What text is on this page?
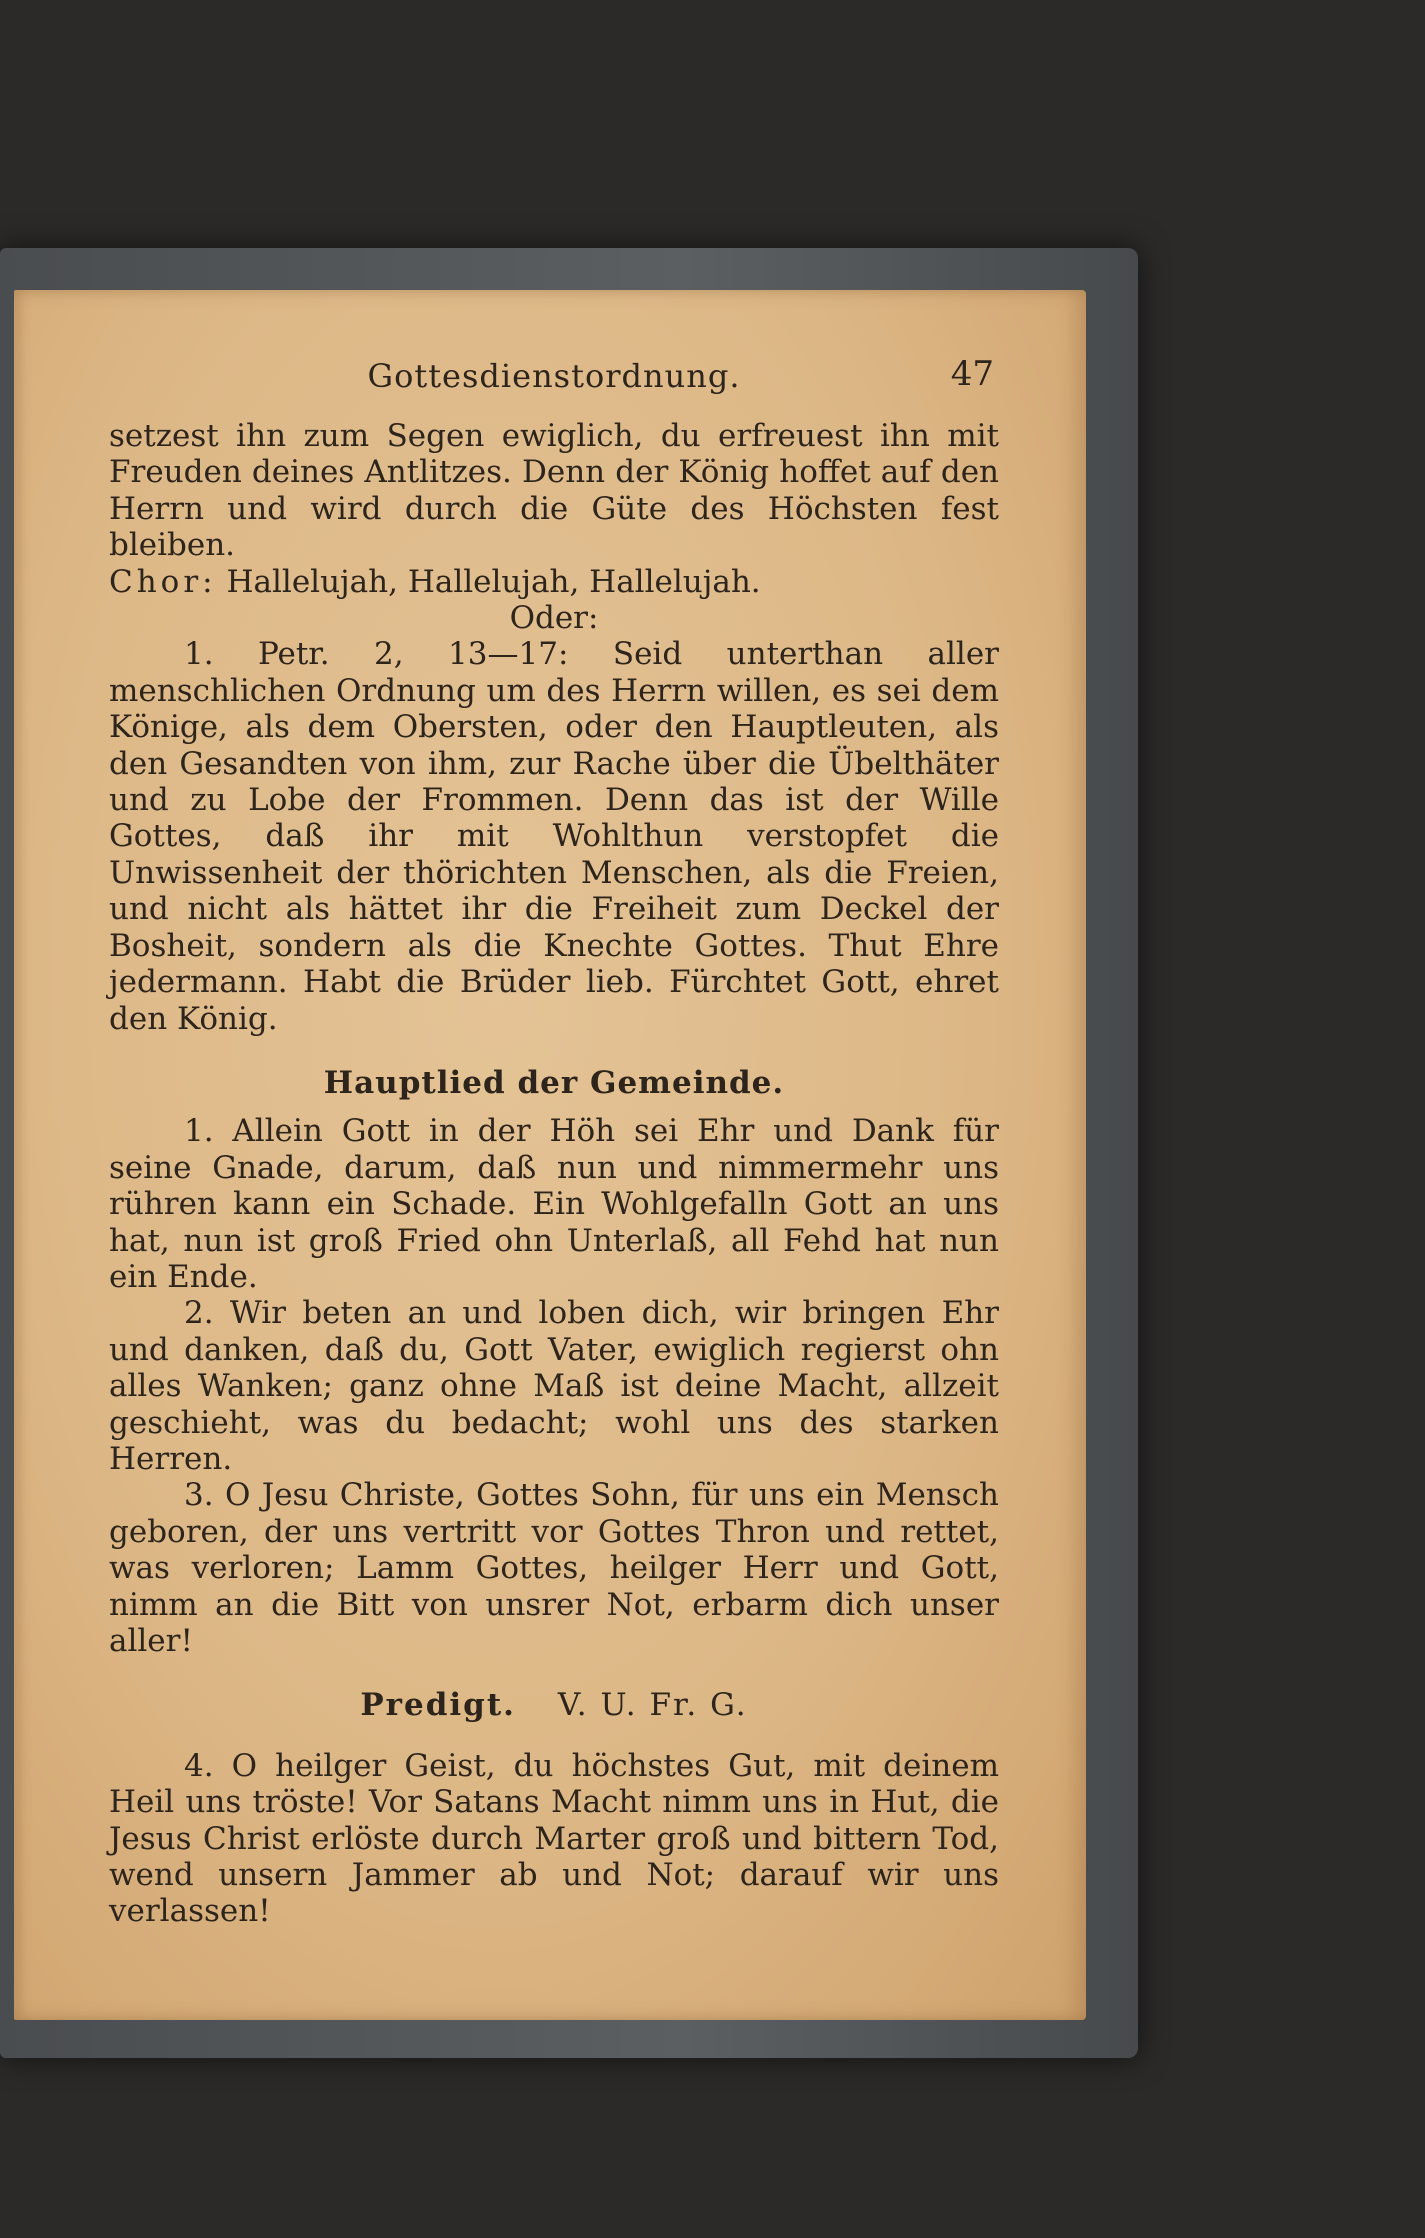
Gottesdienstordnung.	47

setzest ihn zum Segen ewiglich, du erfreuest ihn mit Freuden deines Antlitzes. Denn der König hoffet auf den Herrn und wird durch die Güte des Höchsten fest bleiben.

Chor: Hallelujah, Hallelujah, Hallelujah.

Oder:

1. Petr. 2, 13—17: Seid unterthan aller menschlichen Ordnung um des Herrn willen, es sei dem Könige, als dem Obersten, oder den Hauptleuten, als den Gesandten von ihm, zur Rache über die Übelthäter und zu Lobe der Frommen. Denn das ist der Wille Gottes, daß ihr mit Wohlthun verstopfet die Unwissenheit der thörichten Menschen, als die Freien, und nicht als hättet ihr die Freiheit zum Deckel der Bosheit, sondern als die Knechte Gottes. Thut Ehre jedermann. Habt die Brüder lieb. Fürchtet Gott, ehret den König.

Hauptlied der Gemeinde.

1. Allein Gott in der Höh sei Ehr und Dank für seine Gnade, darum, daß nun und nimmermehr uns rühren kann ein Schade. Ein Wohlgefalln Gott an uns hat, nun ist groß Fried ohn Unterlaß, all Fehd hat nun ein Ende.

2. Wir beten an und loben dich, wir bringen Ehr und danken, daß du, Gott Vater, ewiglich regierst ohn alles Wanken; ganz ohne Maß ist deine Macht, allzeit geschieht, was du bedacht; wohl uns des starken Herren.

3. O Jesu Christe, Gottes Sohn, für uns ein Mensch geboren, der uns vertritt vor Gottes Thron und rettet, was verloren; Lamm Gottes, heilger Herr und Gott, nimm an die Bitt von unsrer Not, erbarm dich unser aller!

Predigt. V. U. Fr. G.

4. O heilger Geist, du höchstes Gut, mit deinem Heil uns tröste! Vor Satans Macht nimm uns in Hut, die Jesus Christ erlöste durch Marter groß und bittern Tod, wend unsern Jammer ab und Not; darauf wir uns verlassen!
